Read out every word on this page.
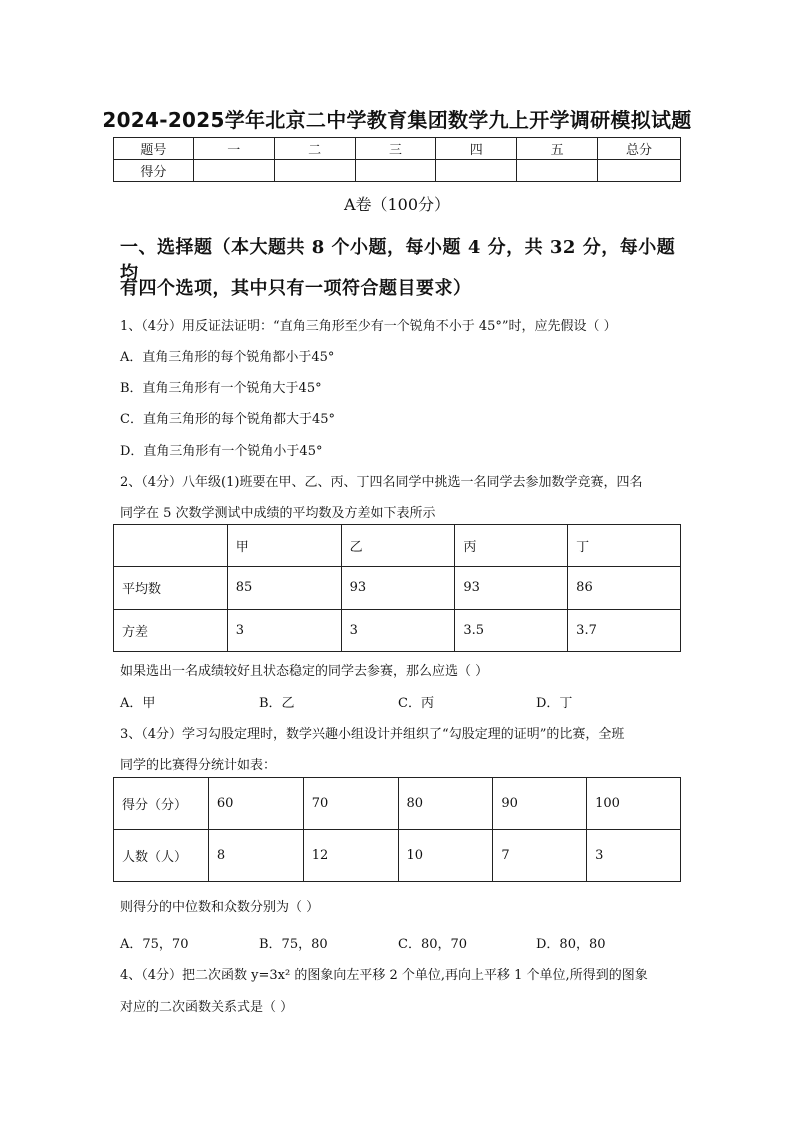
2024-2025学年北京二中学教育集团数学九上开学调研模拟试题
题号	一	二	三	四	五	总分
得分						
A卷（100分）
一、选择题（本大题共 8 个小题，每小题 4 分，共 32 分，每小题均
有四个选项，其中只有一项符合题目要求）
1、（4分）用反证法证明：“直角三角形至少有一个锐角不小于 45°”时，应先假设（ ）
A．直角三角形的每个锐角都小于45°
B．直角三角形有一个锐角大于45°
C．直角三角形的每个锐角都大于45°
D．直角三角形有一个锐角小于45°
2、（4分）八年级(1)班要在甲、乙、丙、丁四名同学中挑选一名同学去参加数学竞赛，四名
同学在 5 次数学测试中成绩的平均数及方差如下表所示
	甲	乙	丙	丁
平均数	85	93	93	86
方差	3	3	3.5	3.7
如果选出一名成绩较好且状态稳定的同学去参赛，那么应选（ ）
A．甲	B．乙	C．丙	D．丁
3、（4分）学习勾股定理时，数学兴趣小组设计并组织了“勾股定理的证明”的比赛，全班
同学的比赛得分统计如表：
得分（分）	60	70	80	90	100
人数（人）	8	12	10	7	3
则得分的中位数和众数分别为（ ）
A．75，70	B．75，80	C．80，70	D．80，80
4、（4分）把二次函数 y=3x² 的图象向左平移 2 个单位,再向上平移 1 个单位,所得到的图象
对应的二次函数关系式是（ ）
